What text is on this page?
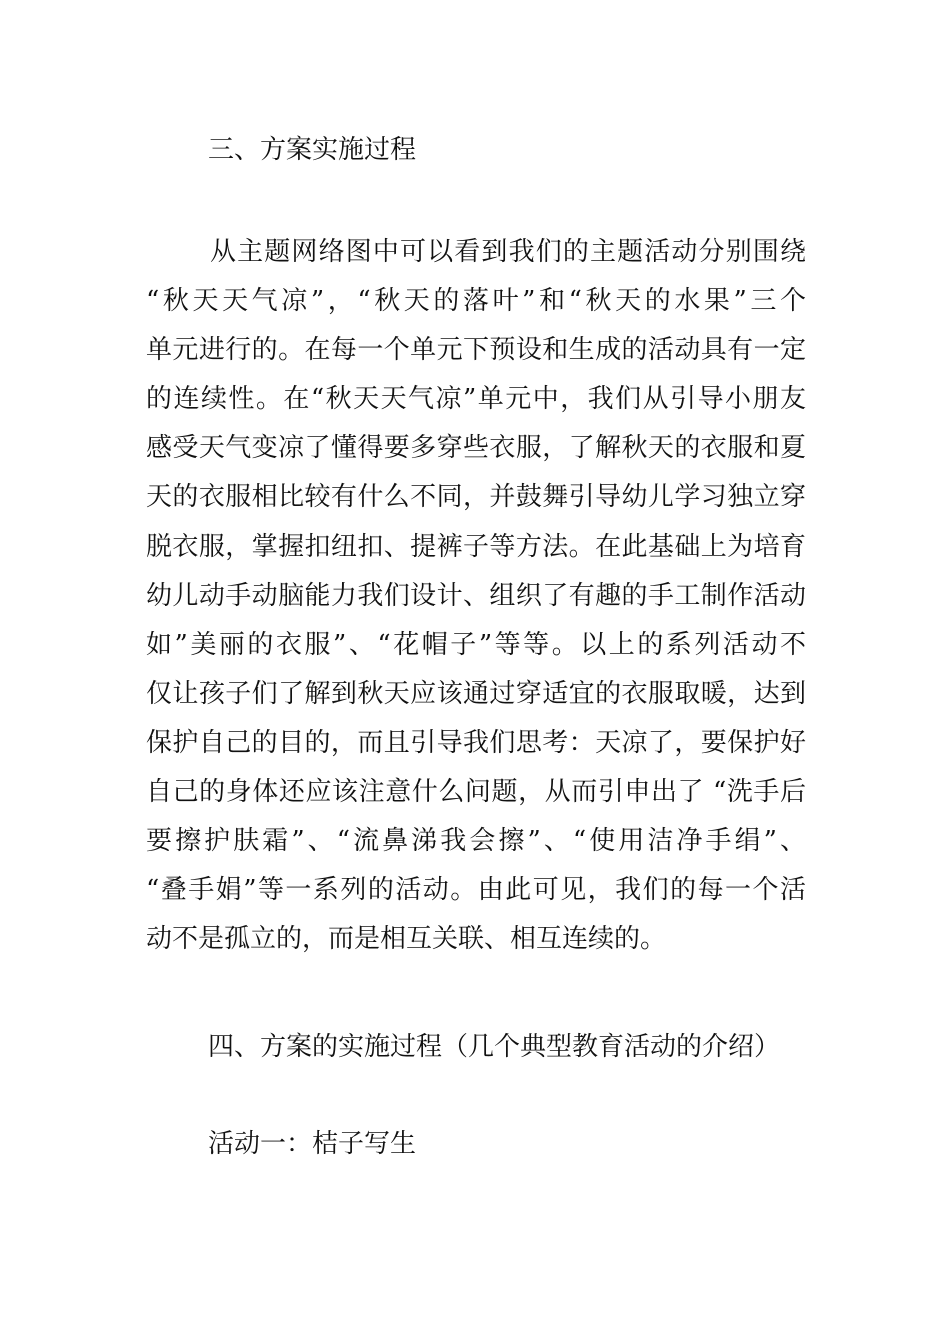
三、方案实施过程
从主题网络图中可以看到我们的主题活动分别围绕
“秋天天气凉”，“秋天的落叶”和“秋天的水果”三个
单元进行的。在每一个单元下预设和生成的活动具有一定
的连续性。在“秋天天气凉”单元中，我们从引导小朋友
感受天气变凉了懂得要多穿些衣服，了解秋天的衣服和夏
天的衣服相比较有什么不同，并鼓舞引导幼儿学习独立穿
脱衣服，掌握扣纽扣、提裤子等方法。在此基础上为培育
幼儿动手动脑能力我们设计、组织了有趣的手工制作活动
如”美丽的衣服”、“花帽子”等等。以上的系列活动不
仅让孩子们了解到秋天应该通过穿适宜的衣服取暖，达到
保护自己的目的，而且引导我们思考：天凉了，要保护好
自己的身体还应该注意什么问题，从而引申出了 “洗手后
要擦护肤霜”、“流鼻涕我会擦”、“使用洁净手绢”、
“叠手娟”等一系列的活动。由此可见，我们的每一个活
动不是孤立的，而是相互关联、相互连续的。
四、方案的实施过程（几个典型教育活动的介绍）
活动一：桔子写生
